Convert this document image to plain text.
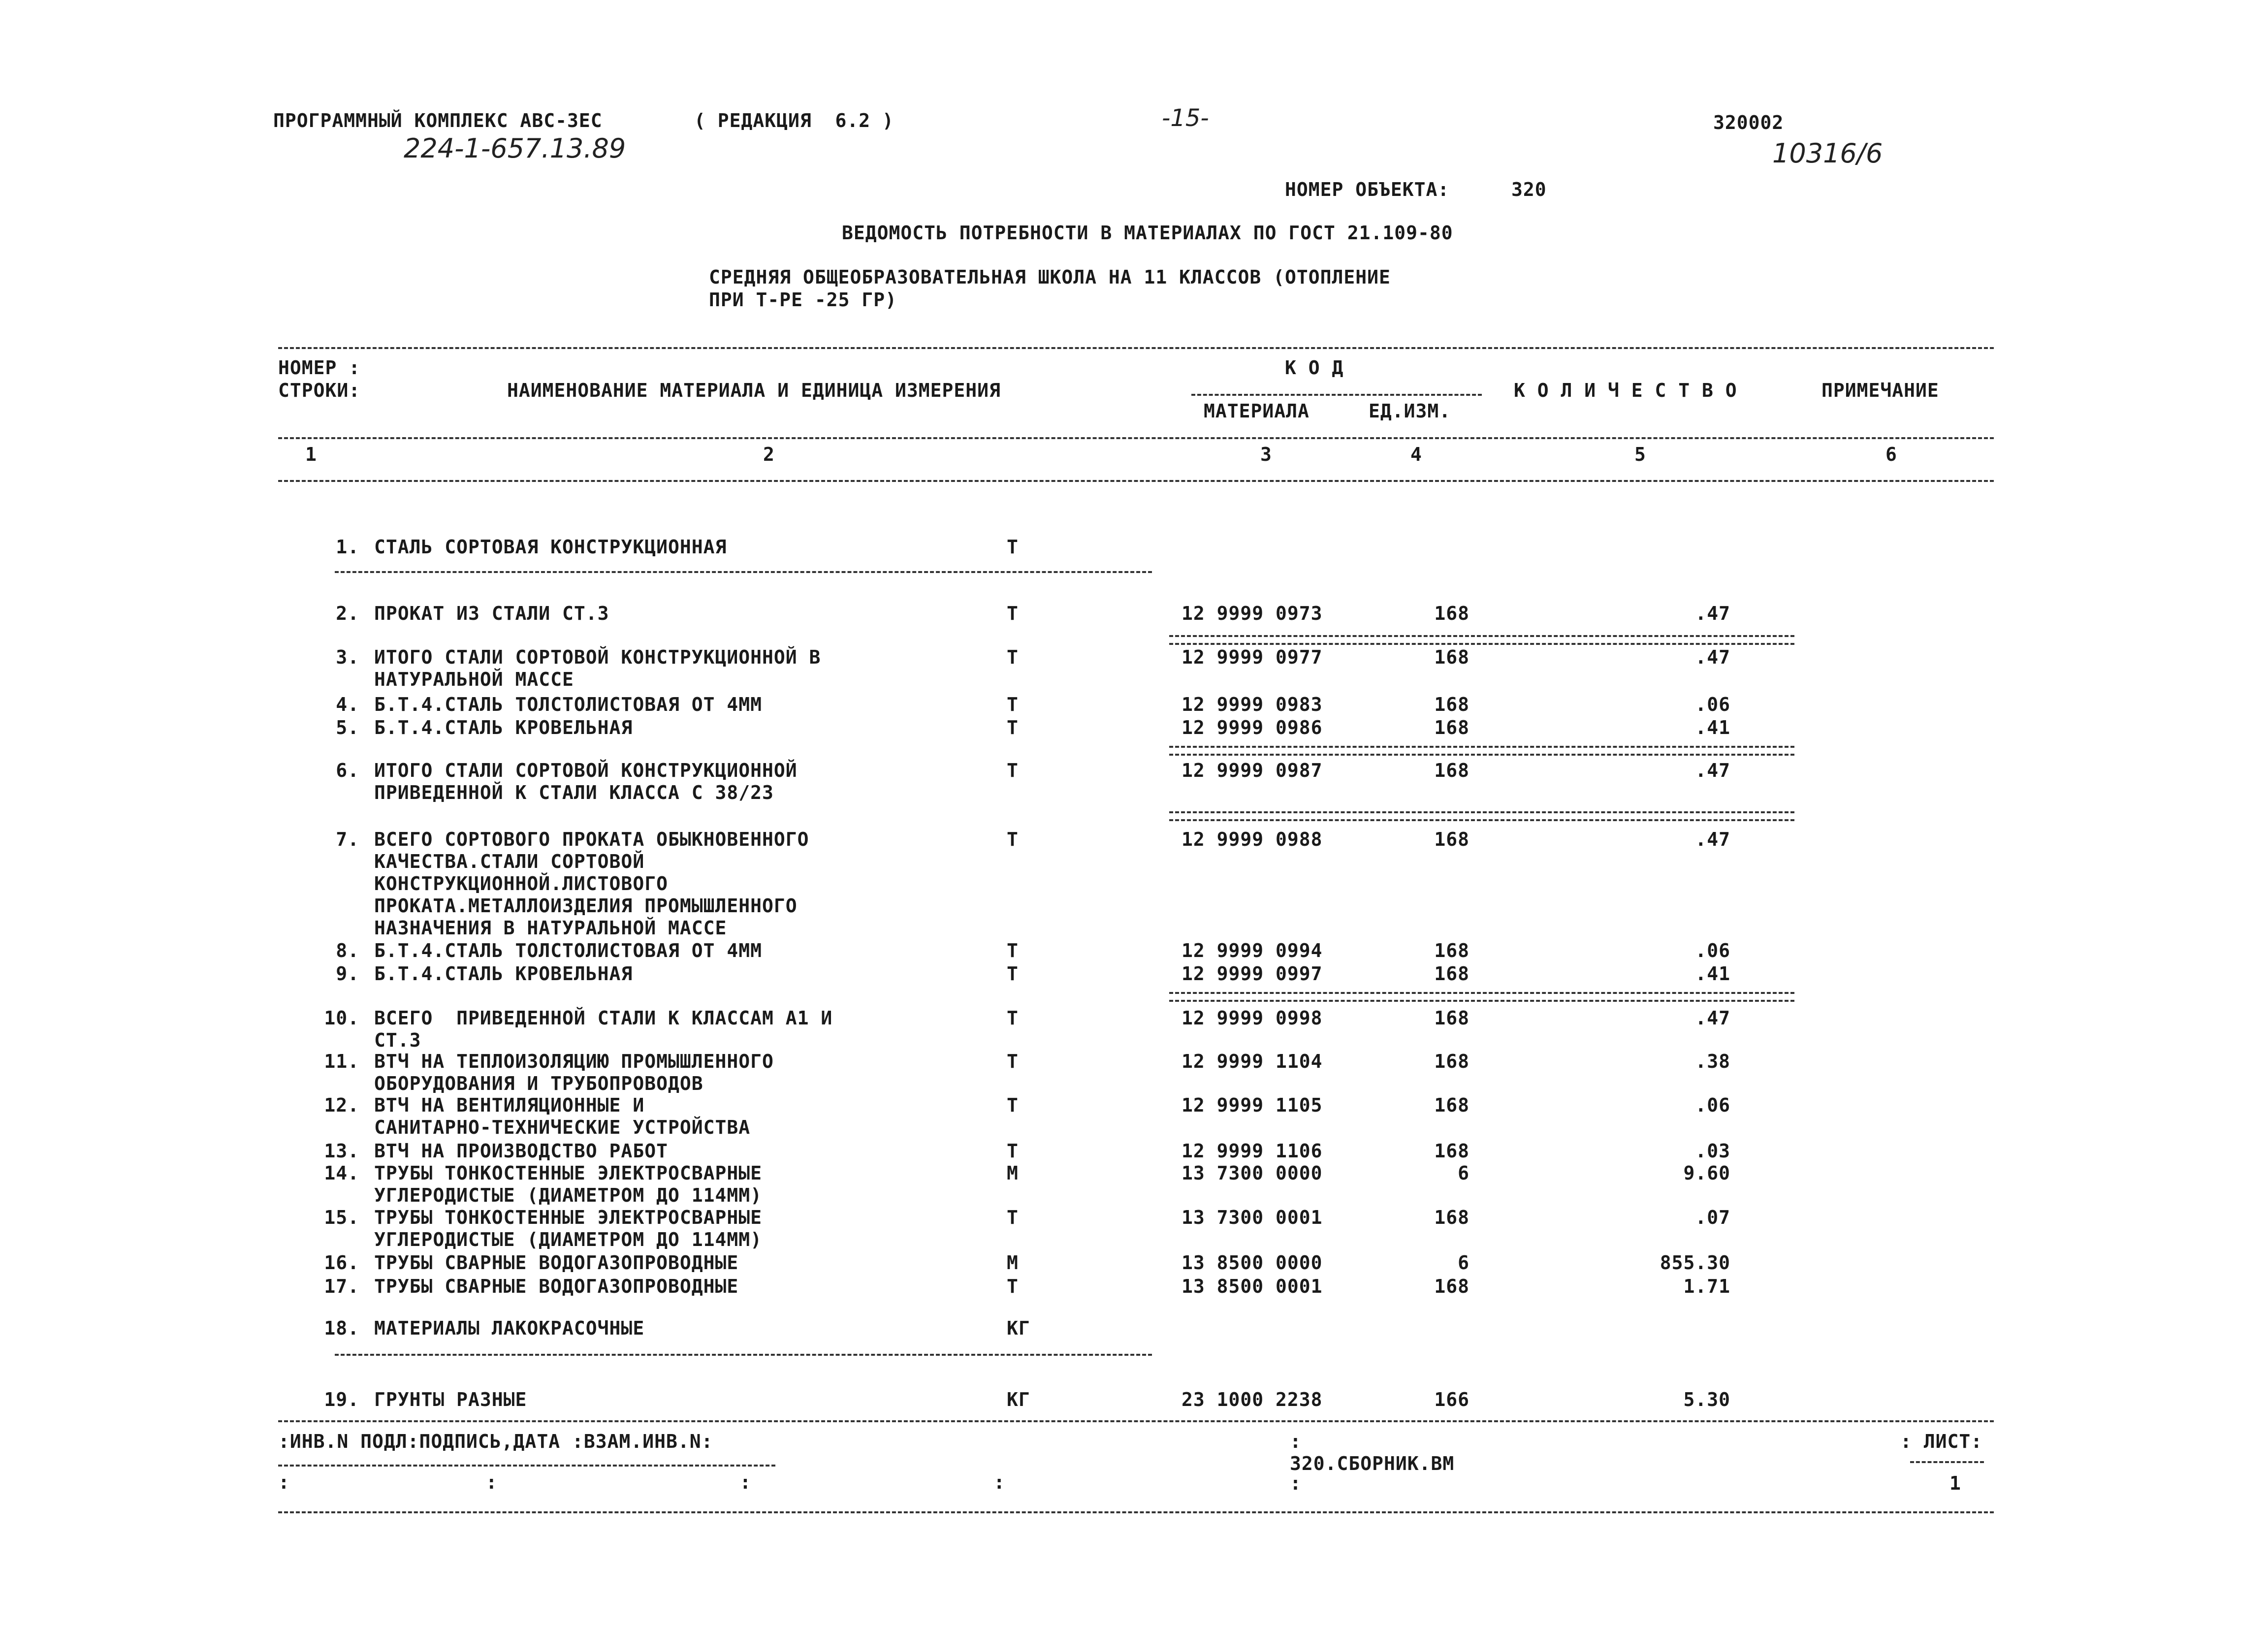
ПРОГРАММНЫЙ КОМПЛЕКС АВС-3ЕС	( РЕДАКЦИЯ  6.2 )	-15-	320002
224-1-657.13.89	10316/6
НОМЕР ОБЪЕКТА:	320
ВЕДОМОСТЬ ПОТРЕБНОСТИ В МАТЕРИАЛАХ ПО ГОСТ 21.109-80
СРЕДНЯЯ ОБЩЕОБРАЗОВАТЕЛЬНАЯ ШКОЛА НА 11 КЛАССОВ (ОТОПЛЕНИЕ
ПРИ Т-РЕ -25 ГР)
НОМЕР :
СТРОКИ:	НАИМЕНОВАНИЕ МАТЕРИАЛА И ЕДИНИЦА ИЗМЕРЕНИЯ
К О Д
МАТЕРИАЛА	ЕД.ИЗМ.
К О Л И Ч Е С Т В О	ПРИМЕЧАНИЕ
1	2	3	4	5	6
1. СТАЛЬ СОРТОВАЯ КОНСТРУКЦИОННАЯ	Т
2. ПРОКАТ ИЗ СТАЛИ СТ.3	Т	12 9999 0973	168	.47
3. ИТОГО СТАЛИ СОРТОВОЙ КОНСТРУКЦИОННОЙ В
НАТУРАЛЬНОЙ МАССЕ
Т	12 9999 0977	168	.47
4. Б.Т.4.СТАЛЬ ТОЛСТОЛИСТОВАЯ ОТ 4ММ	Т	12 9999 0983	168	.06
5. Б.Т.4.СТАЛЬ КРОВЕЛЬНАЯ	Т	12 9999 0986	168	.41
6. ИТОГО СТАЛИ СОРТОВОЙ КОНСТРУКЦИОННОЙ
ПРИВЕДЕННОЙ К СТАЛИ КЛАССА С 38/23
Т	12 9999 0987	168	.47
7. ВСЕГО СОРТОВОГО ПРОКАТА ОБЫКНОВЕННОГО
КАЧЕСТВА.СТАЛИ СОРТОВОЙ
КОНСТРУКЦИОННОЙ.ЛИСТОВОГО
ПРОКАТА.МЕТАЛЛОИЗДЕЛИЯ ПРОМЫШЛЕННОГО
НАЗНАЧЕНИЯ В НАТУРАЛЬНОЙ МАССЕ
Т	12 9999 0988	168	.47
8. Б.Т.4.СТАЛЬ ТОЛСТОЛИСТОВАЯ ОТ 4ММ	Т	12 9999 0994	168	.06
9. Б.Т.4.СТАЛЬ КРОВЕЛЬНАЯ	Т	12 9999 0997	168	.41
10. ВСЕГО  ПРИВЕДЕННОЙ СТАЛИ К КЛАССАМ А1 И
СТ.3
Т	12 9999 0998	168	.47
11. ВТЧ НА ТЕПЛОИЗОЛЯЦИЮ ПРОМЫШЛЕННОГО
ОБОРУДОВАНИЯ И ТРУБОПРОВОДОВ
Т	12 9999 1104	168	.38
12. ВТЧ НА ВЕНТИЛЯЦИОННЫЕ И
САНИТАРНО-ТЕХНИЧЕСКИЕ УСТРОЙСТВА
Т	12 9999 1105	168	.06
13. ВТЧ НА ПРОИЗВОДСТВО РАБОТ	Т	12 9999 1106	168	.03
14. ТРУБЫ ТОНКОСТЕННЫЕ ЭЛЕКТРОСВАРНЫЕ
УГЛЕРОДИСТЫЕ (ДИАМЕТРОМ ДО 114ММ)
М	13 7300 0000	6	9.60
15. ТРУБЫ ТОНКОСТЕННЫЕ ЭЛЕКТРОСВАРНЫЕ
УГЛЕРОДИСТЫЕ (ДИАМЕТРОМ ДО 114ММ)
Т	13 7300 0001	168	.07
16. ТРУБЫ СВАРНЫЕ ВОДОГАЗОПРОВОДНЫЕ	М	13 8500 0000	6	855.30
17. ТРУБЫ СВАРНЫЕ ВОДОГАЗОПРОВОДНЫЕ	Т	13 8500 0001	168	1.71
18. МАТЕРИАЛЫ ЛАКОКРАСОЧНЫЕ	КГ
19. ГРУНТЫ РАЗНЫЕ	КГ	23 1000 2238	166	5.30
:ИНВ.N ПОДЛ:ПОДПИСЬ,ДАТА :ВЗАМ.ИНВ.N:
:        :          :          :
:
:
320.СБОРНИК.ВМ
: ЛИСТ:
1
